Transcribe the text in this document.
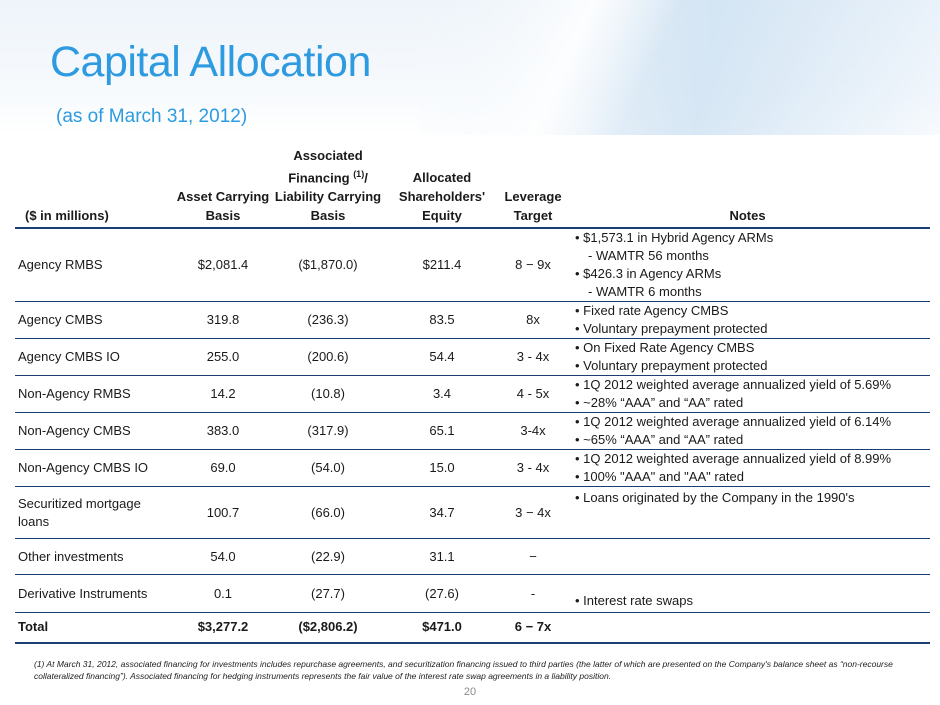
Capital Allocation
(as of March 31, 2012)
($ in millions)	Asset Carrying Basis	Associated Financing $^{(1)}$/ Liability Carrying Basis	Allocated Shareholders' Equity	Leverage Target	Notes
Agency RMBS	$2,081.4	($1,870.0)	$211.4	8 − 9x	• $1,573.1 in Hybrid Agency ARMs
- WAMTR 56 months
• $426.3 in Agency ARMs
- WAMTR 6 months

Agency CMBS	319.8	(236.3)	83.5	8x	• Fixed rate Agency CMBS
• Voluntary prepayment protected

Agency CMBS IO	255.0	(200.6)	54.4	3 - 4x	• On Fixed Rate Agency CMBS
• Voluntary prepayment protected

Non-Agency RMBS	14.2	(10.8)	3.4	4 - 5x	• 1Q 2012 weighted average annualized yield of 5.69%
• ~28% “AAA” and “AA” rated

Non-Agency CMBS	383.0	(317.9)	65.1	3-4x	• 1Q 2012 weighted average annualized yield of 6.14%
• ~65% “AAA” and “AA” rated

Non-Agency CMBS IO	69.0	(54.0)	15.0	3 - 4x	• 1Q 2012 weighted average annualized yield of 8.99%
• 100% "AAA" and "AA" rated

Securitized mortgage loans	100.7	(66.0)	34.7	3 − 4x	• Loans originated by the Company in the 1990's

Other investments	54.0	(22.9)	31.1	−	
Derivative Instruments	0.1	(27.7)	(27.6)	-	• Interest rate swaps

Total	$3,277.2	($2,806.2)	$471.0	6 − 7x	
(1) At March 31, 2012, associated financing for investments includes repurchase agreements, and securitization financing issued to third parties (the latter of which are presented on the Company's balance sheet as “non-recourse collateralized financing”). Associated financing for hedging instruments represents the fair value of the interest rate swap agreements in a liability position.
20
